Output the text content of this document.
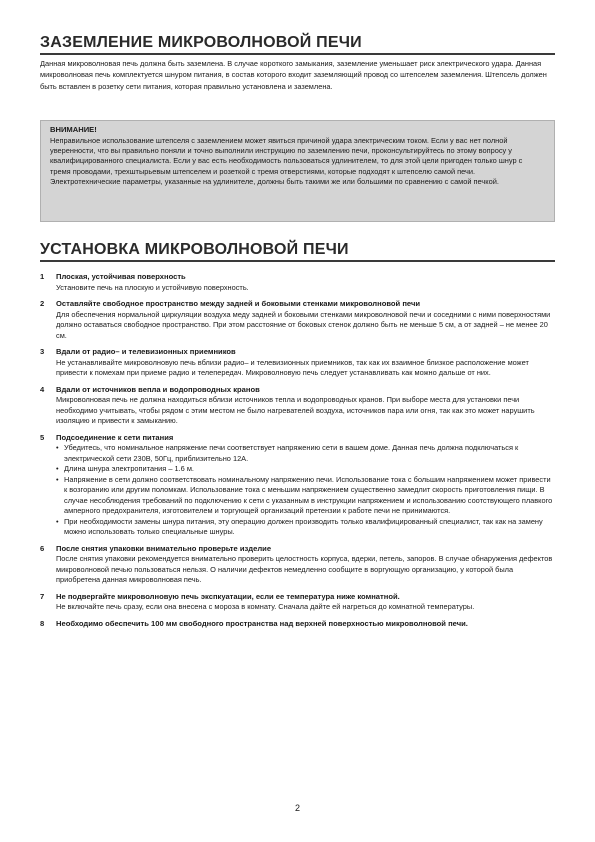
ЗАЗЕМЛЕНИЕ МИКРОВОЛНОВОЙ ПЕЧИ
Данная микроволновая печь должна быть заземлена. В случае короткого замыкания, заземление уменьшает риск электрического удара. Данная микроволновая печь комплектуется шнуром питания, в состав которого входит заземляющий провод со штепселем заземления. Штепсель должен быть вставлен в розетку сети питания, которая правильно установлена и заземлена.
ВНИМАНИЕ!
Неправильное использование штепселя с заземлением может явиться причиной удара электрическим током. Если у вас нет полной уверенности, что вы правильно поняли и точно выполнили инструкцию по заземлению печи, проконсультируйтесь по этому вопросу у квалифицированного специалиста. Если у вас есть необходимость пользоваться удлинителем, то для этой цели пригоден только шнур с тремя проводами, трехштырьевым штепселем и розеткой с тремя отверстиями, которые подходят к штепселю самой печи. Электротехнические параметры, указанные на удлинителе, должны быть такими же или большими по сравнению с самой печкой.
УСТАНОВКА МИКРОВОЛНОВОЙ ПЕЧИ
1 Плоская, устойчивая поверхность
Установите печь на плоскую и устойчивую поверхность.
2 Оставляйте свободное пространство между задней и боковыми стенками микроволновой печи
Для обеспечения нормальной циркуляции воздуха меду задней и боковыми стенками микроволновой печи и соседними с ними поверхностями должно оставаться свободное пространство. При этом расстояние от боковых стенок должно быть не меньше 5 см, а от задней – не менее 20 см.
3 Вдали от радио– и телевизионных приемников
Не устанавливайте микроволновую печь вблизи радио– и телевизионных приемников, так как их взаимное близкое расположение может привести к помехам при приеме радио и телепередач. Микроволновую печь следует устанавливать как можно дальше от них.
4 Вдали от источников вепла и водопроводных кранов
Микроволновая печь не должна находиться вблизи источников тепла и водопроводных кранов. При выборе места для установки печи необходимо учитывать, чтобы рядом с этим местом не было нагревателей воздуха, источников пара или огня, так как это может нарушить изоляцию и привести к замыканию.
5 Подсоединение к сети питания
• Убедитесь, что номинальное напряжение печи соответствует напряжению сети в вашем доме. Данная печь должна подключаться к электрической сети 230В, 50Гц, приблизительно 12А.
• Длина шнура электропитания – 1.6 м.
• Напряжение в сети должно соответствовать номинальному напряжению печи. Использование тока с большим напряжением может привести к возгоранию или другим поломкам. Использование тока с меньшим напряжением существенно замедлит скорость приготовления пищи. В случае несоблюдения требований по подключению к сети с указанным в инструкции напряжением и использованию соотствующего плавкого амперного предохранителя, изготовителем и торгующей организаций претензии к работе печи не принимаются.
• При необходимости замены шнура питания, эту операцию должен производить только квалифицированный специалист, так как на замену можно использовать только специальные шнуры.
6 После снятия упаковки внимательно проверьте изделие
После снятия упаковки рекомендуется внимательно проверить целостность корпуса, вдерки, петель, запоров. В случае обнаружения дефектов микроволновой печью пользоваться нельзя. О наличии дефектов немедленно сообщите в воргующую организацию, у которой была приобретена данная микроволновая печь.
7 Не подвергайте микроволновую печь экспкуатации, если ее температура ниже комнатной.
Не включайте печь сразу, если она внесена с мороза в комнату. Сначала дайте ей нагреться до комнатной температуры.
8 Необходимо обеспечить 100 мм свободного пространства над верхней поверхностью микроволновой печи.
2
